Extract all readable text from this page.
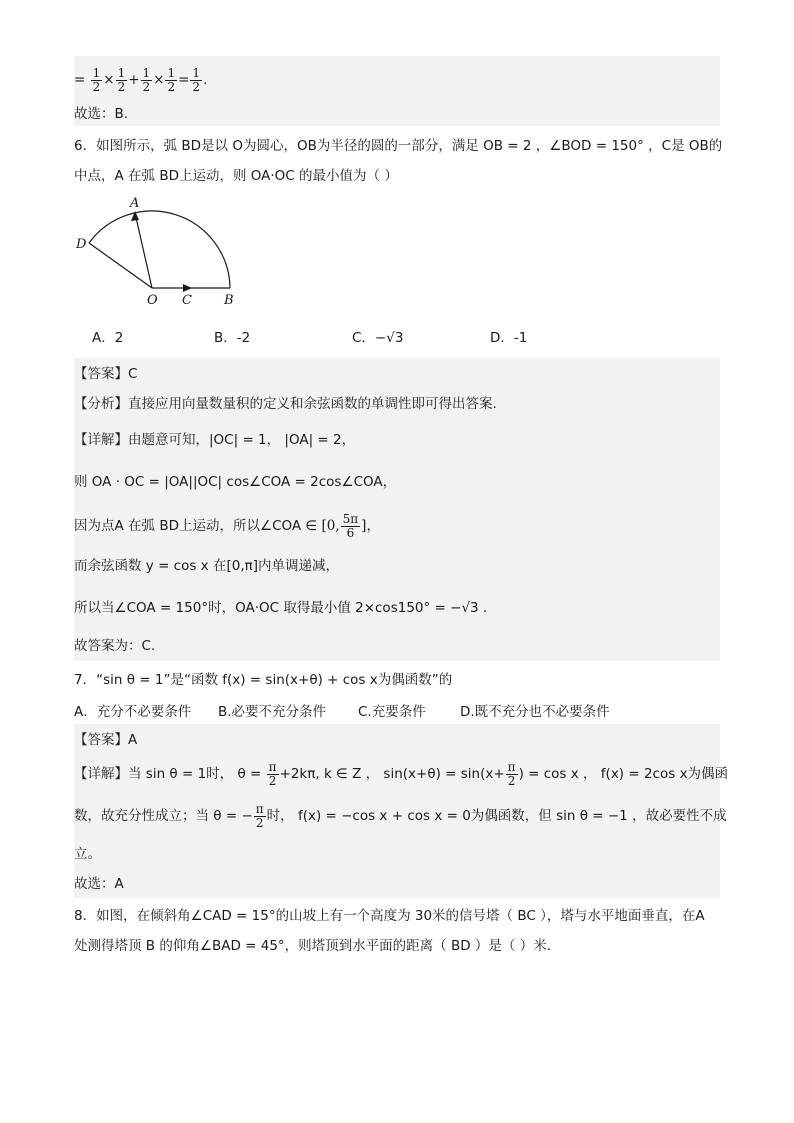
= $\frac{1}{2} \times \frac{1}{2} + \frac{1}{2} \times \frac{1}{2} = \frac{1}{2}$ .
故选：B.
6．如图所示，弧 BD是以 O为圆心，OB为半径的圆的一部分，满足 OB = 2 ，∠BOD = 150° ，C是 OB的
中点，A 在弧 BD上运动，则 OA·OC 的最小值为（ ）
A
D
O C B
A．2	B．-2	C．−√3	D．-1
【答案】C
【分析】直接应用向量数量积的定义和余弦函数的单调性即可得出答案.
【详解】由题意可知，|OC| = 1， |OA| = 2，
则 OA · OC = |OA||OC| cos∠COA = 2cos∠COA，
因为点A 在弧 BD上运动，所以∠COA ∈ [0, $\frac{5\pi}{6}$ ]，
而余弦函数 y = cos x 在[0,π]内单调递减，
所以当∠COA = 150°时，OA·OC 取得最小值 2×cos150° = −√3 .
故答案为：C.
7．“sin θ = 1”是“函数 f(x) = sin(x+θ) + cos x为偶函数”的
A．充分不必要条件 B.必要不充分条件 C.充要条件	D.既不充分也不必要条件
【答案】A
【详解】当 sin θ = 1时， $\theta = \frac{\pi}{2} +2k\pi$, k ∈ Z ， $\sin(x+\theta) = \sin(x+ \frac{\pi}{2}$ ) = cos x ， f(x) = 2cos x为偶函
数，故充分性成立；当 θ = − $\frac{\pi}{2}$ 时， f(x) = −cos x + cos x = 0为偶函数，但 sin θ = −1 ，故必要性不成
立。
故选：A
8．如图，在倾斜角∠CAD = 15°的山坡上有一个高度为 30米的信号塔（ BC ），塔与水平地面垂直，在A
处测得塔顶 B 的仰角∠BAD = 45°，则塔顶到水平面的距离（ BD ）是（ ）米.
